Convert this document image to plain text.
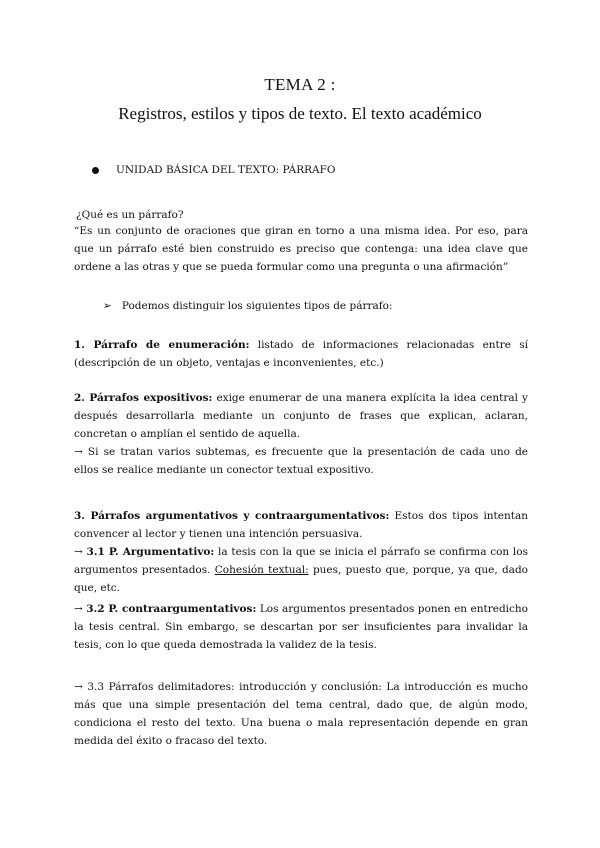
TEMA 2 :
Registros, estilos y tipos de texto. El texto académico
UNIDAD BÁSICA DEL TEXTO: PÁRRAFO
¿Qué es un párrafo?

“Es un conjunto de oraciones que giran en torno a una misma idea. Por eso, para que un párrafo esté bien construido es preciso que contenga: una idea clave que ordene a las otras y que se pueda formular como una pregunta o una afirmación”

➢ Podemos distinguir los siguientes tipos de párrafo:

1. Párrafo de enumeración: listado de informaciones relacionadas entre sí (descripción de un objeto, ventajas e inconvenientes, etc.)

2. Párrafos expositivos: exige enumerar de una manera explícita la idea central y después desarrollarla mediante un conjunto de frases que explican, aclaran, concretan o amplían el sentido de aquella.

→ Si se tratan varios subtemas, es frecuente que la presentación de cada uno de ellos se realice mediante un conector textual expositivo.

3. Párrafos argumentativos y contraargumentativos: Estos dos tipos intentan convencer al lector y tienen una intención persuasiva.

→ 3.1 P. Argumentativo: la tesis con la que se inicia el párrafo se confirma con los argumentos presentados. Cohesión textual: pues, puesto que, porque, ya que, dado que, etc.

→ 3.2 P. contraargumentativos: Los argumentos presentados ponen en entredicho la tesis central. Sin embargo, se descartan por ser insuficientes para invalidar la tesis, con lo que queda demostrada la validez de la tesis.

→ 3.3 Párrafos delimitadores: introducción y conclusión: La introducción es mucho más que una simple presentación del tema central, dado que, de algún modo, condiciona el resto del texto. Una buena o mala representación depende en gran medida del éxito o fracaso del texto.
